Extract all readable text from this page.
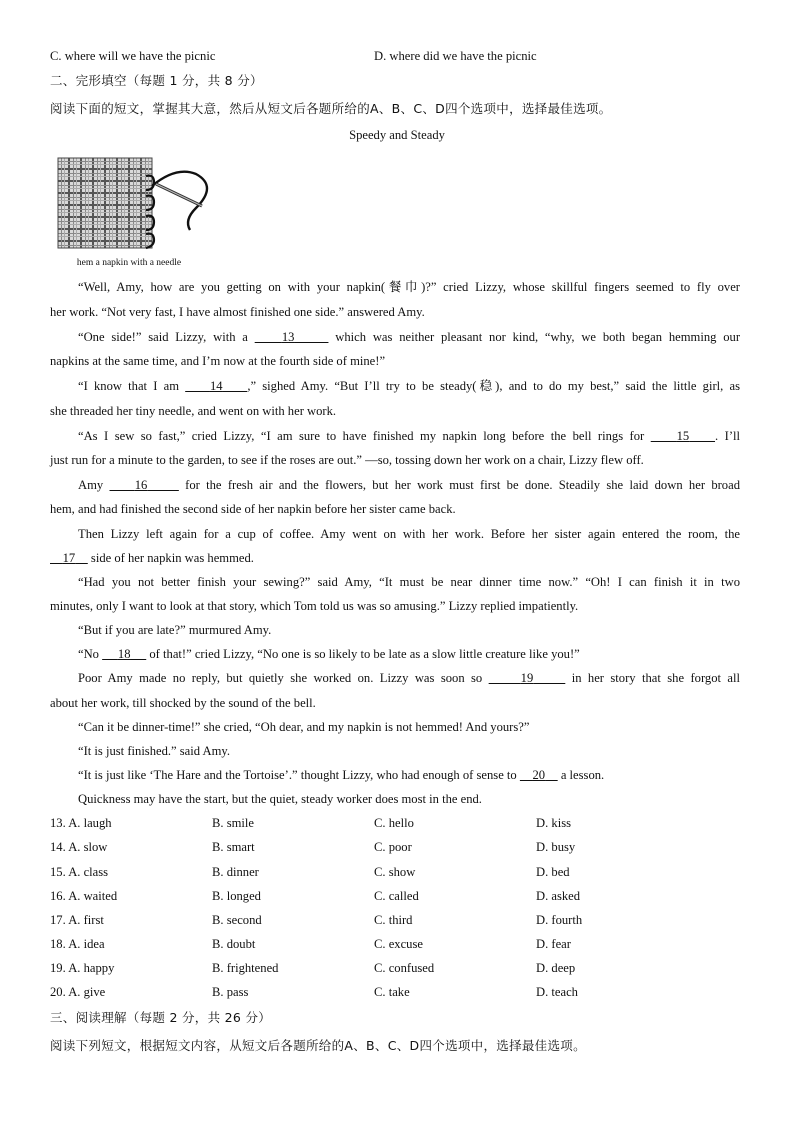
C. where will we have the picnic	D. where did we have the picnic
二、完形填空（每题 1 分，共 8 分）
阅读下面的短文，掌握其大意，然后从短文后各题所给的A、B、C、D四个选项中，选择最佳选项。
Speedy and Steady
hem a napkin with a needle
“Well, Amy, how are you getting on with your napkin(餐巾)?” cried Lizzy, whose skillful fingers seemed to fly over
her work. “Not very fast, I have almost finished one side.” answered Amy.
“One side!” said Lizzy, with a     13	which was neither pleasant nor kind, “why, we both began hemming our
napkins at the same time, and I’m now at the fourth side of mine!”
“I know that I am     14 ,” sighed Amy. “But I’ll try to be steady(稳), and to do my best,” said the little girl, as
she threaded her tiny needle, and went on with her work.
“As I sew so fast,” cried Lizzy, “I am sure to have finished my napkin long before the bell rings for     15 . I’ll
just run for a minute to the garden, to see if the roses are out.” —so, tossing down her work on a chair, Lizzy flew off.
Amy     16	for the fresh air and the flowers, but her work must first be done. Steadily she laid down her broad
hem, and had finished the second side of her napkin before her sister came back.
Then Lizzy left again for a cup of coffee. Amy went on with her work. Before her sister again entered the room, the
17     side of her napkin was hemmed.
“Had you not better finish your sewing?” said Amy, “It must be near dinner time now.” “Oh! I can finish it in two
minutes, only I want to look at that story, which Tom told us was so amusing.” Lizzy replied impatiently.
“But if you are late?” murmured Amy.
“No      18      of that!” cried Lizzy, “No one is so likely to be late as a slow little creature like you!”
Poor Amy made no reply, but quietly she worked on. Lizzy was soon so	19	in her story that she forgot all
about her work, till shocked by the sound of the bell.
“Can it be dinner-time!” she cried, “Oh dear, and my napkin is not hemmed! And yours?”
“It is just finished.” said Amy.
“It is just like ‘The Hare and the Tortoise’.” thought Lizzy, who had enough of sense to     20     a lesson.
Quickness may have the start, but the quiet, steady worker does most in the end.
13. A. laugh	B. smile	C. hello	D. kiss
14. A. slow	B. smart	C. poor	D. busy
15. A. class	B. dinner	C. show	D. bed
16. A. waited	B. longed	C. called	D. asked
17. A. first	B. second	C. third	D. fourth
18. A. idea	B. doubt	C. excuse	D. fear
19. A. happy	B. frightened	C. confused	D. deep
20. A. give	B. pass	C. take	D. teach
三、阅读理解（每题 2 分，共 26 分）
阅读下列短文，根据短文内容，从短文后各题所给的A、B、C、D四个选项中，选择最佳选项。
